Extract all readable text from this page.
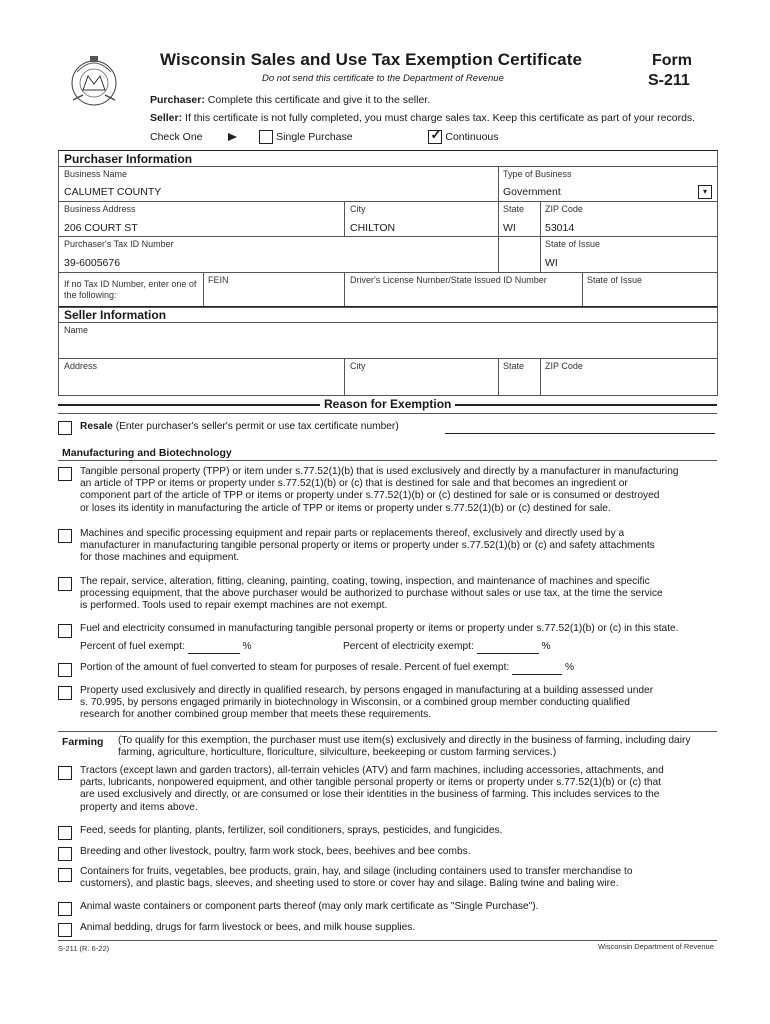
Wisconsin Sales and Use Tax Exemption Certificate
Do not send this certificate to the Department of Revenue
Form
S-211
Purchaser: Complete this certificate and give it to the seller.
Seller: If this certificate is not fully completed, you must charge sales tax. Keep this certificate as part of your records.
Check One	Single Purchase  ✓	Continuous
Purchaser Information
Business Name
CALUMET COUNTY
Type of Business
Government	▾
Business Address
206 COURT ST
City
CHILTON
State
WI
ZIP Code
53014
Purchaser's Tax ID Number
39-6005676
State of Issue
WI
If no Tax ID Number, enter one of the following:
FEIN	Driver's License Number/State Issued ID Number	State of Issue
Seller Information
Name
Address	City	State ZIP Code
Reason for Exemption
Resale (Enter purchaser's seller's permit or use tax certificate number)
Manufacturing and Biotechnology
Tangible personal property (TPP) or item under s.77.52(1)(b) that is used exclusively and directly by a manufacturer in manufacturing
an article of TPP or items or property under s.77.52(1)(b) or (c) that is destined for sale and that becomes an ingredient or
component part of the article of TPP or items or property under s.77.52(1)(b) or (c) destined for sale or is consumed or destroyed
or loses its identity in manufacturing the article of TPP or items or property under s.77.52(1)(b) or (c) destined for sale.
Machines and specific processing equipment and repair parts or replacements thereof, exclusively and directly used by a
manufacturer in manufacturing tangible personal property or items or property under s.77.52(1)(b) or (c) and safety attachments
for those machines and equipment.
The repair, service, alteration, fitting, cleaning, painting, coating, towing, inspection, and maintenance of machines and specific
processing equipment, that the above purchaser would be authorized to purchase without sales or use tax, at the time the service
is performed. Tools used to repair exempt machines are not exempt.
Fuel and electricity consumed in manufacturing tangible personal property or items or property under s.77.52(1)(b) or (c) in this state.
Percent of fuel exempt:	%	Percent of electricity exempt:	%
Portion of the amount of fuel converted to steam for purposes of resale. Percent of fuel exempt:	%
Property used exclusively and directly in qualified research, by persons engaged in manufacturing at a building assessed under
s. 70.995, by persons engaged primarily in biotechnology in Wisconsin, or a combined group member conducting qualified
research for another combined group member that meets these requirements.
Farming (To qualify for this exemption, the purchaser must use item(s) exclusively and directly in the business of farming, including dairy
farming, agriculture, horticulture, floriculture, silviculture, beekeeping or custom farming services.)
Tractors (except lawn and garden tractors), all-terrain vehicles (ATV) and farm machines, including accessories, attachments, and
parts, lubricants, nonpowered equipment, and other tangible personal property or items or property under s.77.52(1)(b) or (c) that
are used exclusively and directly, or are consumed or lose their identities in the business of farming. This includes services to the
property and items above.
Feed, seeds for planting, plants, fertilizer, soil conditioners, sprays, pesticides, and fungicides.
Breeding and other livestock, poultry, farm work stock, bees, beehives and bee combs.
Containers for fruits, vegetables, bee products, grain, hay, and silage (including containers used to transfer merchandise to
customers), and plastic bags, sleeves, and sheeting used to store or cover hay and silage. Baling twine and baling wire.
Animal waste containers or component parts thereof (may only mark certificate as "Single Purchase").
Animal bedding, drugs for farm livestock or bees, and milk house supplies.
S-211 (R. 6-22)	Wisconsin Department of Revenue
